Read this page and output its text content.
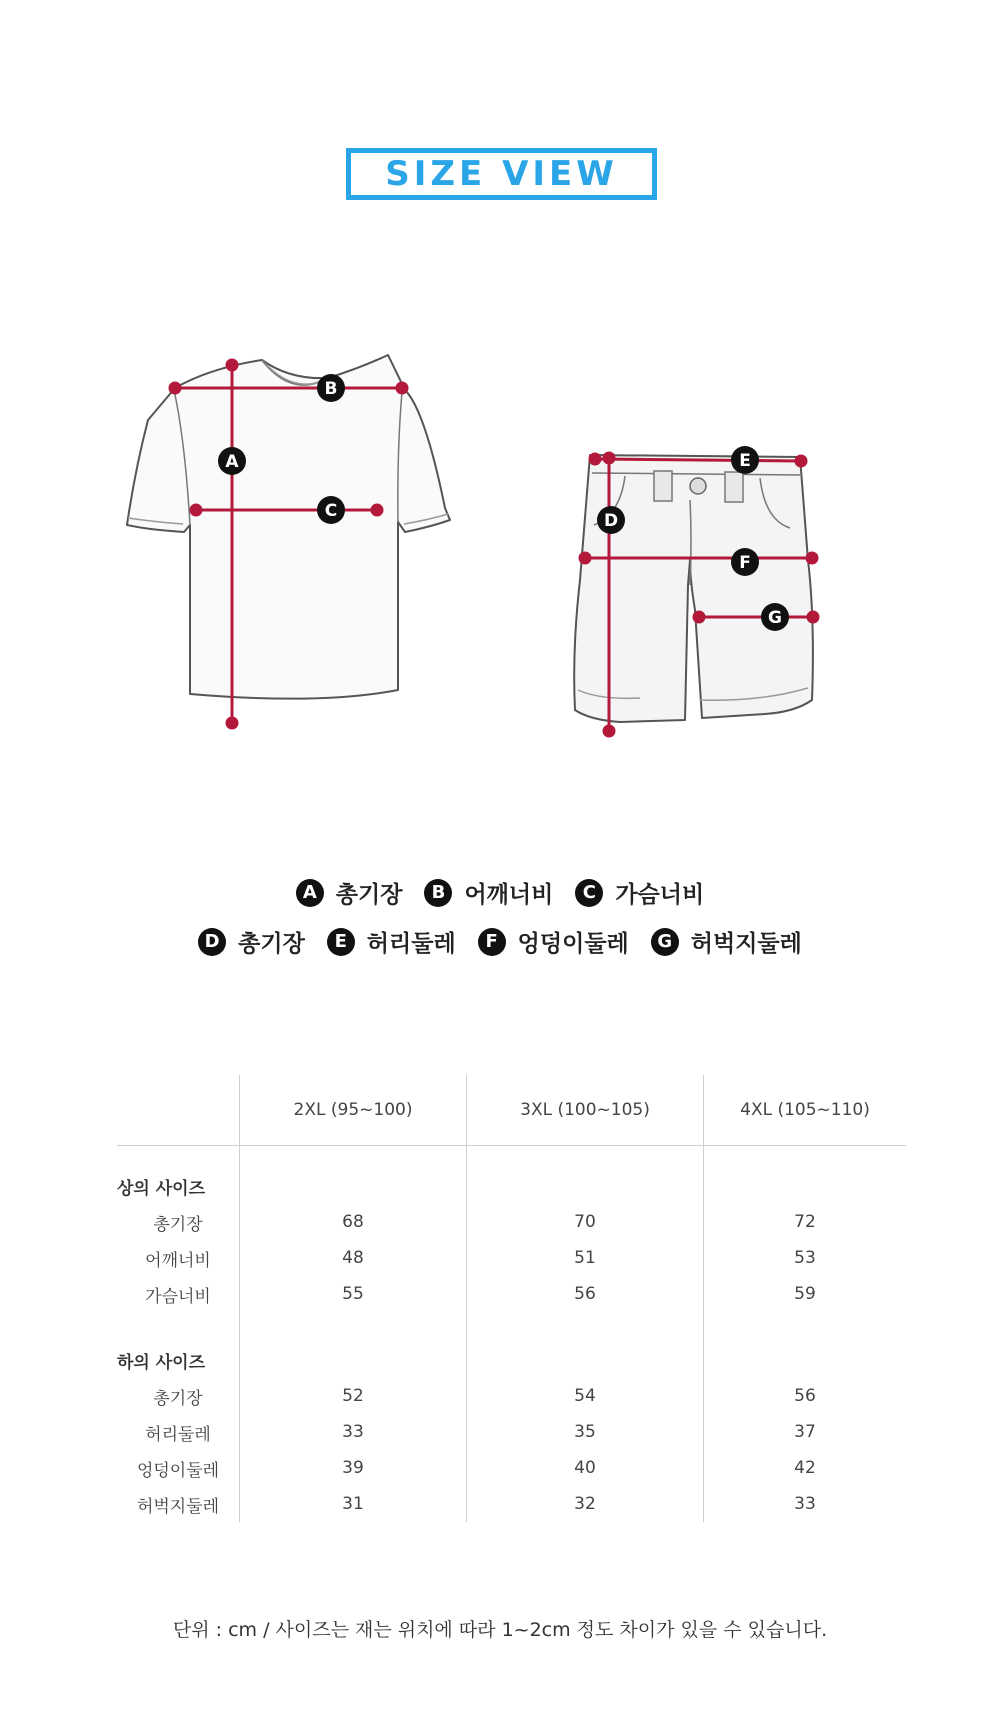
SIZE VIEW
A
B
C	D
E
F
G
A 총기장	B 어깨너비	C 가슴너비
D 총기장	E 허리둘레	F 엉덩이둘레	G 허벅지둘레
	2XL (95~100)	3XL (100~105)	4XL (105~110)

상의 사이즈			
총기장	68	70	72
어깨너비	48	51	53
가슴너비	55	56	59

하의 사이즈			
총기장	52	54	56
허리둘레	33	35	37
엉덩이둘레	39	40	42
허벅지둘레	31	32	33
단위 : cm / 사이즈는 재는 위치에 따라 1~2cm 정도 차이가 있을 수 있습니다.
